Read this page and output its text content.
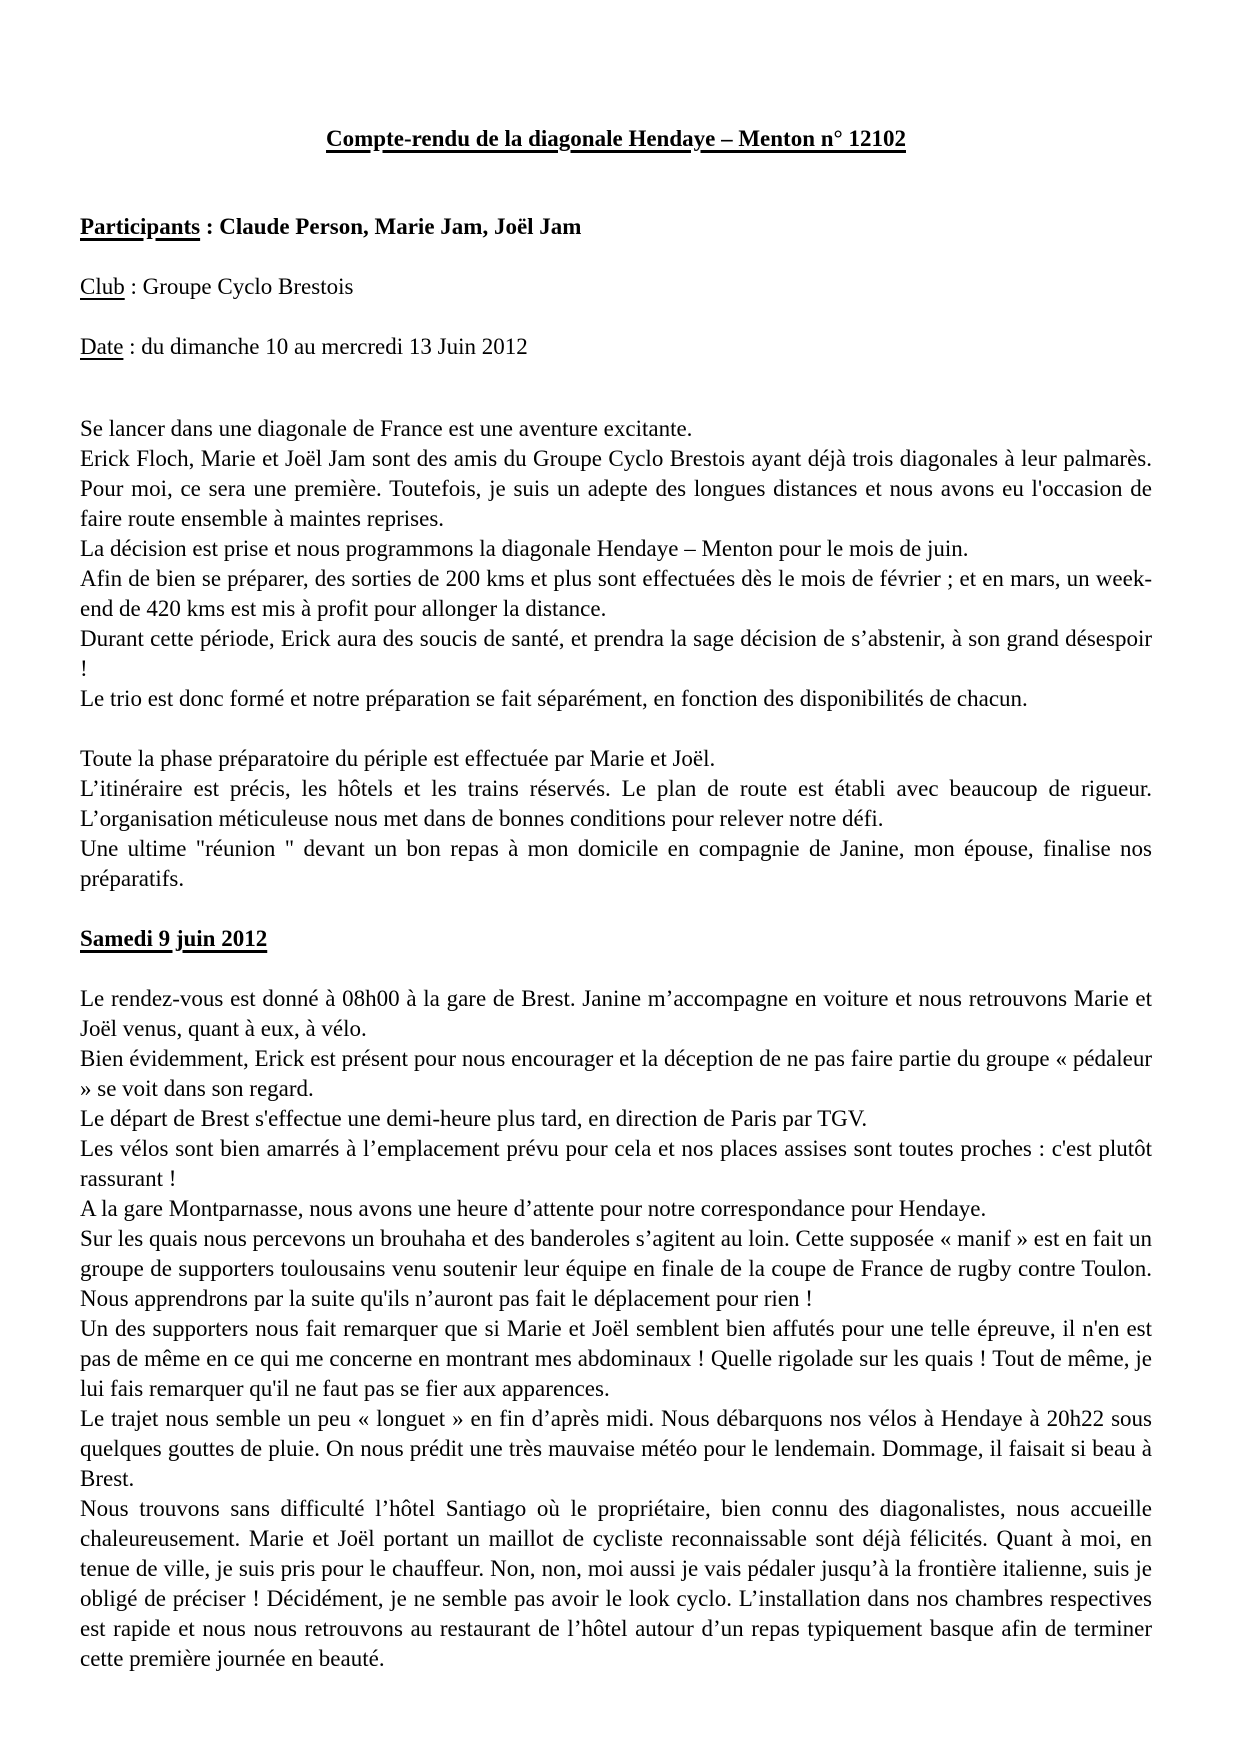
Compte-rendu de la diagonale Hendaye – Menton n° 12102

Participants : Claude Person, Marie Jam, Joël Jam

Club : Groupe Cyclo Brestois

Date : du dimanche 10 au mercredi 13 Juin 2012

Se lancer dans une diagonale de France est une aventure excitante.

Erick Floch, Marie et Joël Jam sont des amis du Groupe Cyclo Brestois ayant déjà trois diagonales à leur palmarès. Pour moi, ce sera une première. Toutefois, je suis un adepte des longues distances et nous avons eu l'occasion de faire route ensemble à maintes reprises.

La décision est prise et nous programmons la diagonale Hendaye – Menton pour le mois de juin.

Afin de bien se préparer, des sorties de 200 kms et plus sont effectuées dès le mois de février ; et en mars, un week-end de 420 kms est mis à profit pour allonger la distance.

Durant cette période, Erick aura des soucis de santé, et prendra la sage décision de s’abstenir, à son grand désespoir !

Le trio est donc formé et notre préparation se fait séparément, en fonction des disponibilités de chacun.

Toute la phase préparatoire du périple est effectuée par Marie et Joël.

L’itinéraire est précis, les hôtels et les trains réservés. Le plan de route est établi avec beaucoup de rigueur. L’organisation méticuleuse nous met dans de bonnes conditions pour relever notre défi.

Une ultime "réunion " devant un bon repas à mon domicile en compagnie de Janine, mon épouse, finalise nos préparatifs.

Samedi 9 juin 2012

Le rendez-vous est donné à 08h00 à la gare de Brest. Janine m’accompagne en voiture et nous retrouvons Marie et Joël venus, quant à eux, à vélo.

Bien évidemment, Erick est présent pour nous encourager et la déception de ne pas faire partie du groupe « pédaleur » se voit dans son regard.

Le départ de Brest s'effectue une demi-heure plus tard, en direction de Paris par TGV.

Les vélos sont bien amarrés à l’emplacement prévu pour cela et nos places assises sont toutes proches : c'est plutôt rassurant !

A la gare Montparnasse, nous avons une heure d’attente pour notre correspondance pour Hendaye.

Sur les quais nous percevons un brouhaha et des banderoles s’agitent au loin. Cette supposée « manif » est en fait un groupe de supporters toulousains venu soutenir leur équipe en finale de la coupe de France de rugby contre Toulon. Nous apprendrons par la suite qu'ils n’auront pas fait le déplacement pour rien !

Un des supporters nous fait remarquer que si Marie et Joël semblent bien affutés pour une telle épreuve, il n'en est pas de même en ce qui me concerne en montrant mes abdominaux ! Quelle rigolade sur les quais ! Tout de même, je lui fais remarquer qu'il ne faut pas se fier aux apparences.

Le trajet nous semble un peu « longuet » en fin d’après midi. Nous débarquons nos vélos à Hendaye à 20h22 sous quelques gouttes de pluie. On nous prédit une très mauvaise météo pour le lendemain. Dommage, il faisait si beau à Brest.

Nous trouvons sans difficulté l’hôtel Santiago où le propriétaire, bien connu des diagonalistes, nous accueille chaleureusement. Marie et Joël portant un maillot de cycliste reconnaissable sont déjà félicités. Quant à moi, en tenue de ville, je suis pris pour le chauffeur. Non, non, moi aussi je vais pédaler jusqu’à la frontière italienne, suis je obligé de préciser ! Décidément, je ne semble pas avoir le look cyclo. L’installation dans nos chambres respectives est rapide et nous nous retrouvons au restaurant de l’hôtel autour d’un repas typiquement basque afin de terminer cette première journée en beauté.
